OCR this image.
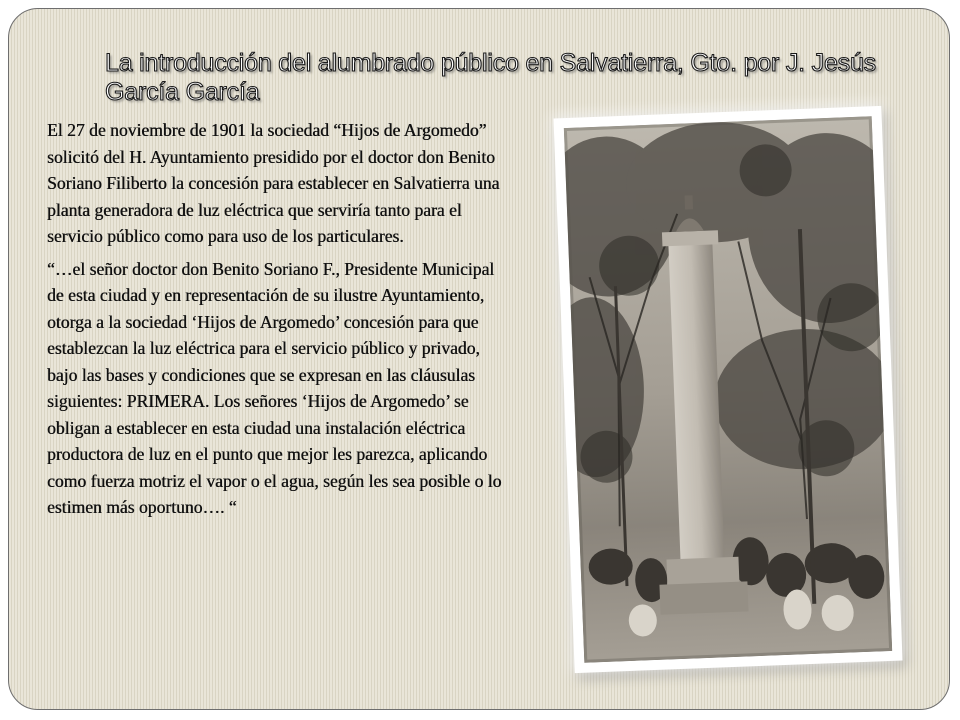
La introducción del alumbrado público en Salvatierra, Gto. por J. Jesús García García

El 27 de noviembre de 1901 la sociedad “Hijos de Argomedo” solicitó del H. Ayuntamiento presidido por el doctor don Benito Soriano Filiberto la concesión para establecer en Salvatierra una planta generadora de luz eléctrica que serviría tanto para el servicio público como para uso de los particulares.

“…el señor doctor don Benito Soriano F., Presidente Municipal de esta ciudad y en representación de su ilustre Ayuntamiento, otorga a la sociedad ‘Hijos de Argomedo’ concesión para que establezcan la luz eléctrica para el servicio público y privado, bajo las bases y condiciones que se expresan en las cláusulas siguientes: PRIMERA. Los señores ‘Hijos de Argomedo’ se obligan a establecer en esta ciudad una instalación eléctrica productora de luz en el punto que mejor les parezca, aplicando como fuerza motriz el vapor o el agua, según les sea posible o lo estimen más oportuno…. “
